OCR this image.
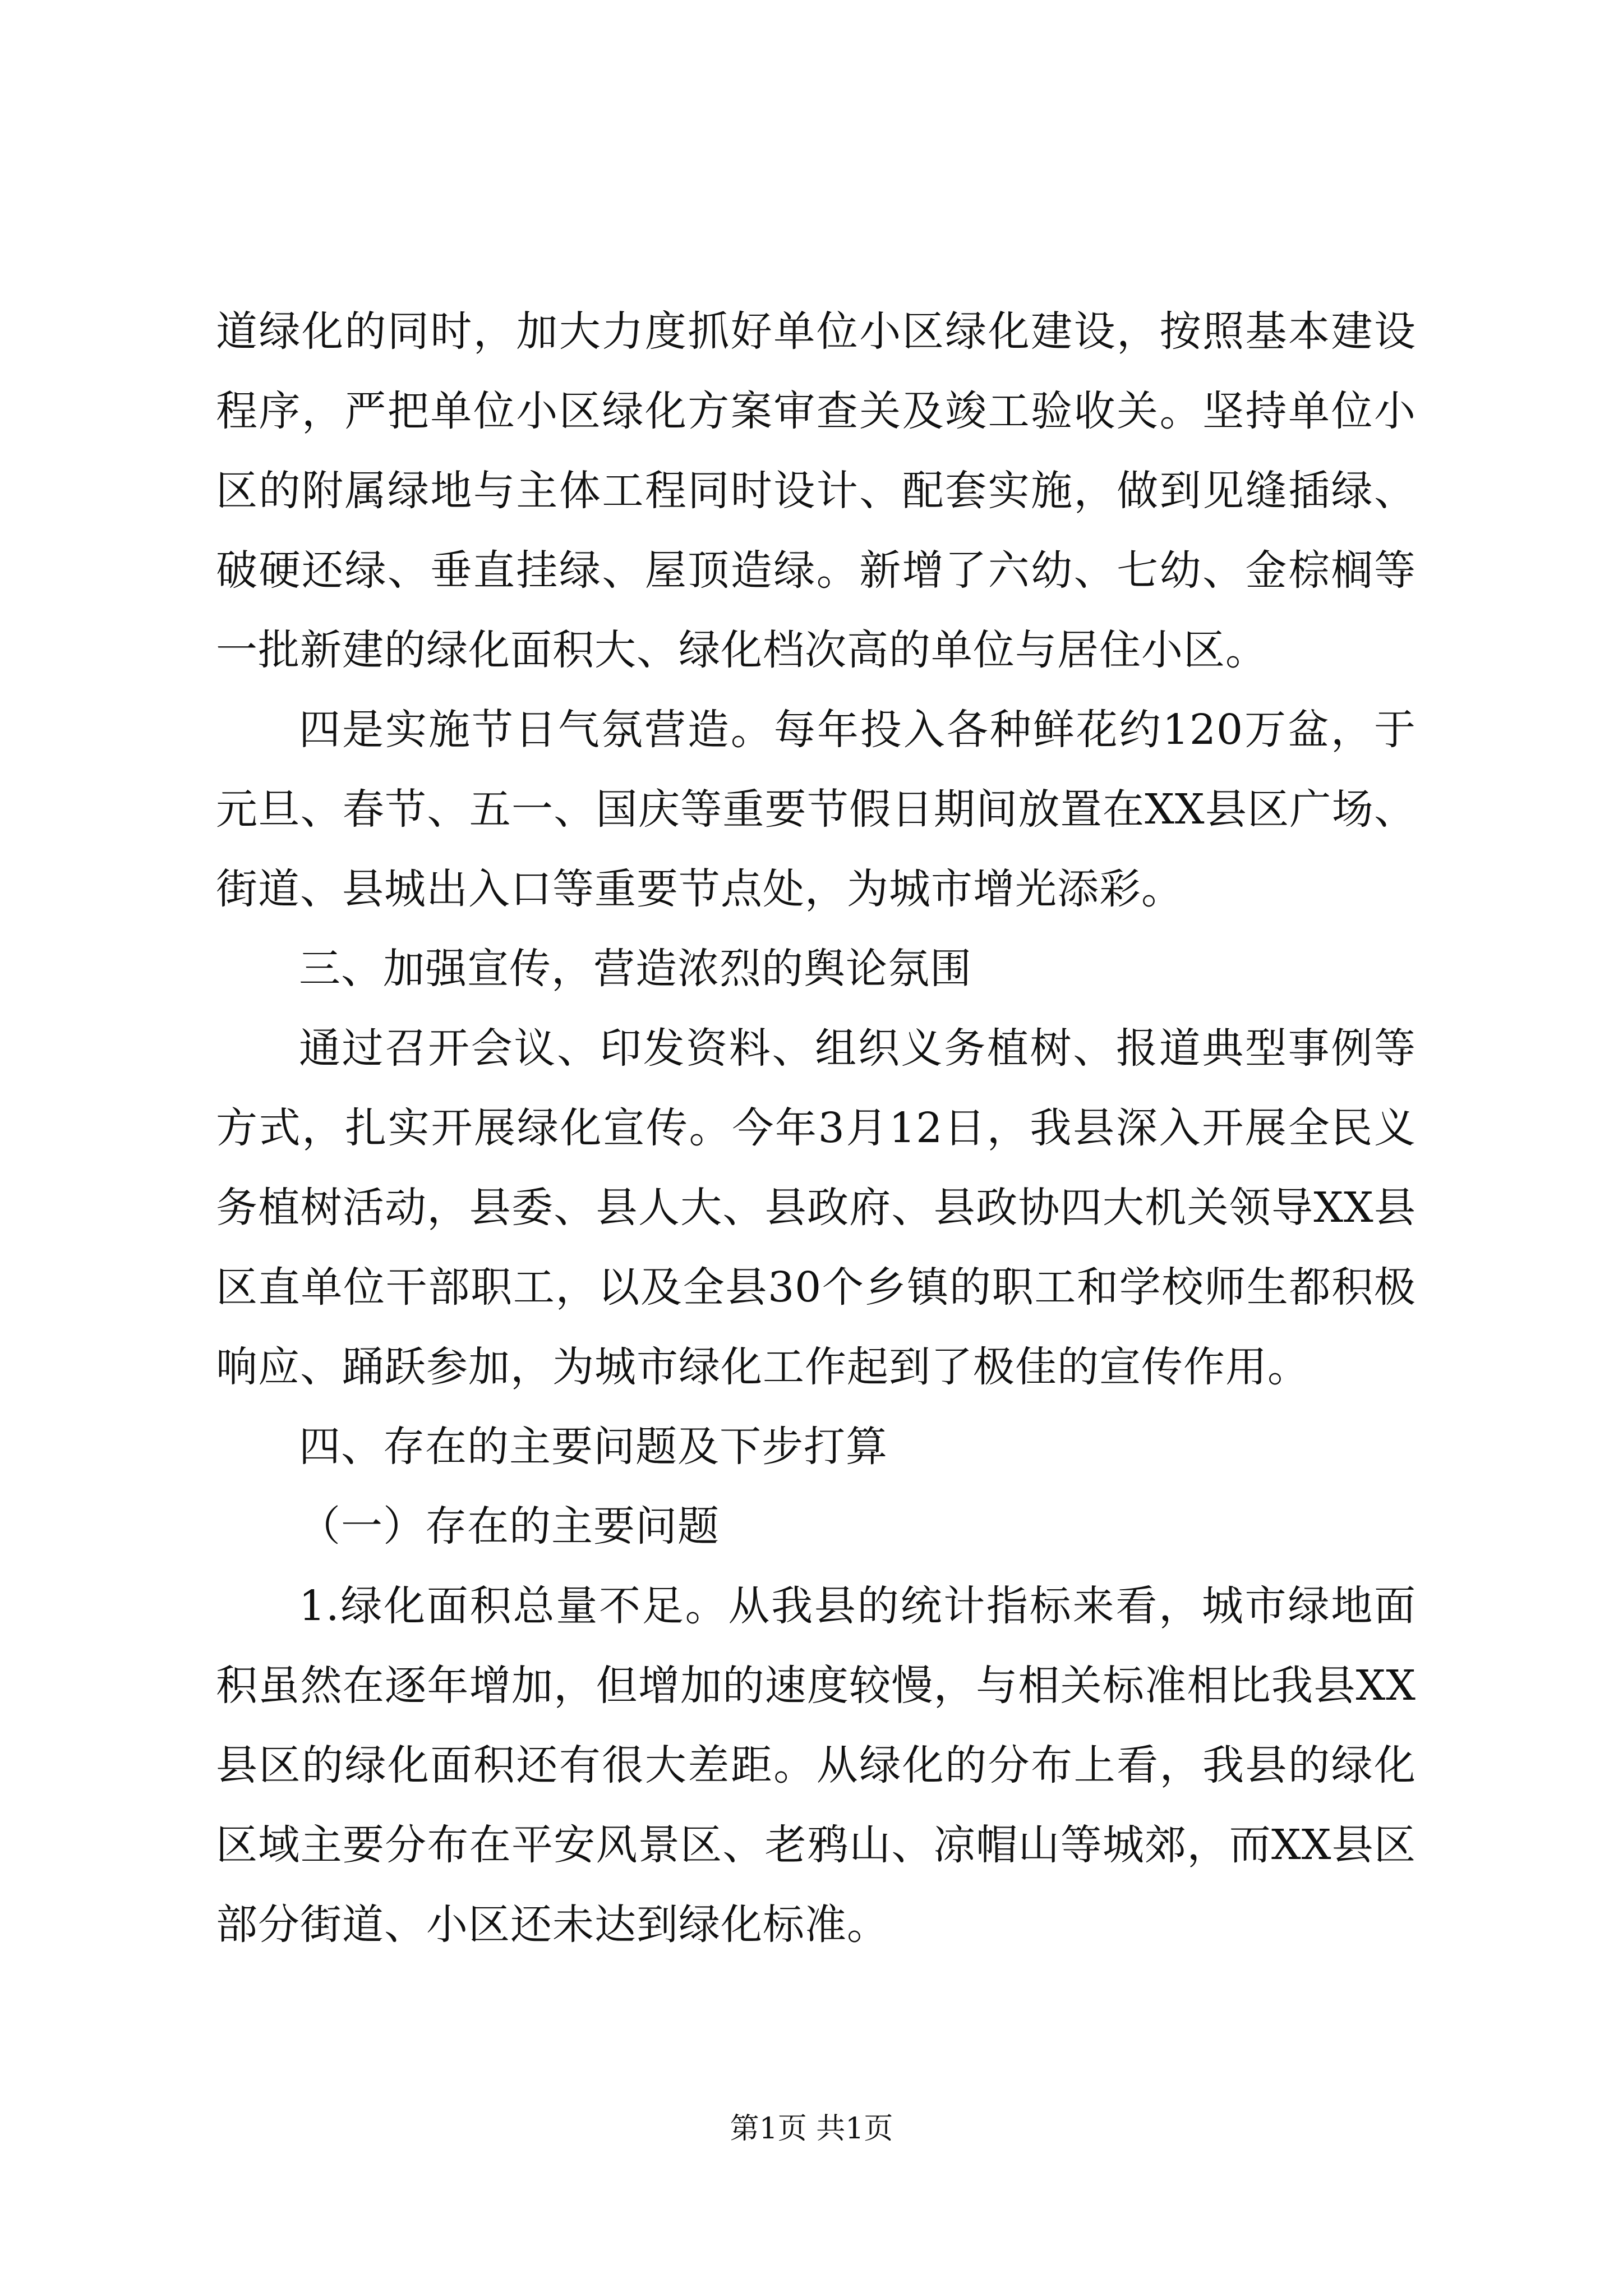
道绿化的同时，加大力度抓好单位小区绿化建设，按照基本建设程序，严把单位小区绿化方案审查关及竣工验收关。坚持单位小区的附属绿地与主体工程同时设计、配套实施，做到见缝插绿、破硬还绿、垂直挂绿、屋顶造绿。新增了六幼、七幼、金棕榈等一批新建的绿化面积大、绿化档次高的单位与居住小区。

四是实施节日气氛营造。每年投入各种鲜花约120万盆，于元旦、春节、五一、国庆等重要节假日期间放置在XX县区广场、街道、县城出入口等重要节点处，为城市增光添彩。

三、加强宣传，营造浓烈的舆论氛围

通过召开会议、印发资料、组织义务植树、报道典型事例等方式，扎实开展绿化宣传。今年3月12日，我县深入开展全民义务植树活动，县委、县人大、县政府、县政协四大机关领导XX县区直单位干部职工，以及全县30个乡镇的职工和学校师生都积极响应、踊跃参加，为城市绿化工作起到了极佳的宣传作用。

四、存在的主要问题及下步打算

（一）存在的主要问题

1.绿化面积总量不足。从我县的统计指标来看，城市绿地面积虽然在逐年增加，但增加的速度较慢，与相关标准相比我县XX县区的绿化面积还有很大差距。从绿化的分布上看，我县的绿化区域主要分布在平安风景区、老鸦山、凉帽山等城郊，而XX县区部分街道、小区还未达到绿化标准。

第1页 共1页
